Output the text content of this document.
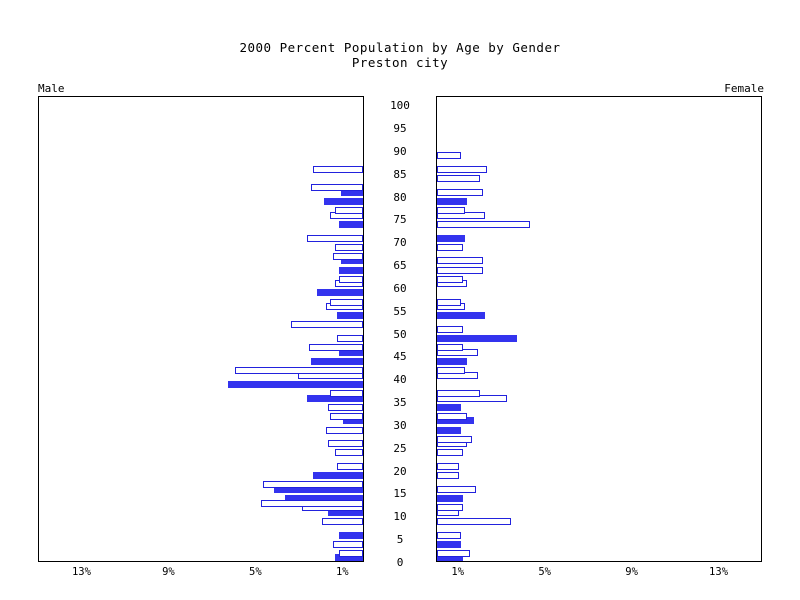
2000 Percent Population by Age by Gender
Preston city
Male	Female
0
5
10
15
20
25
30
35
40
45
50
55
60
65
70
75
80
85
90
95
100
13%	9%	5%	1%	13%
9%
5%
1%
